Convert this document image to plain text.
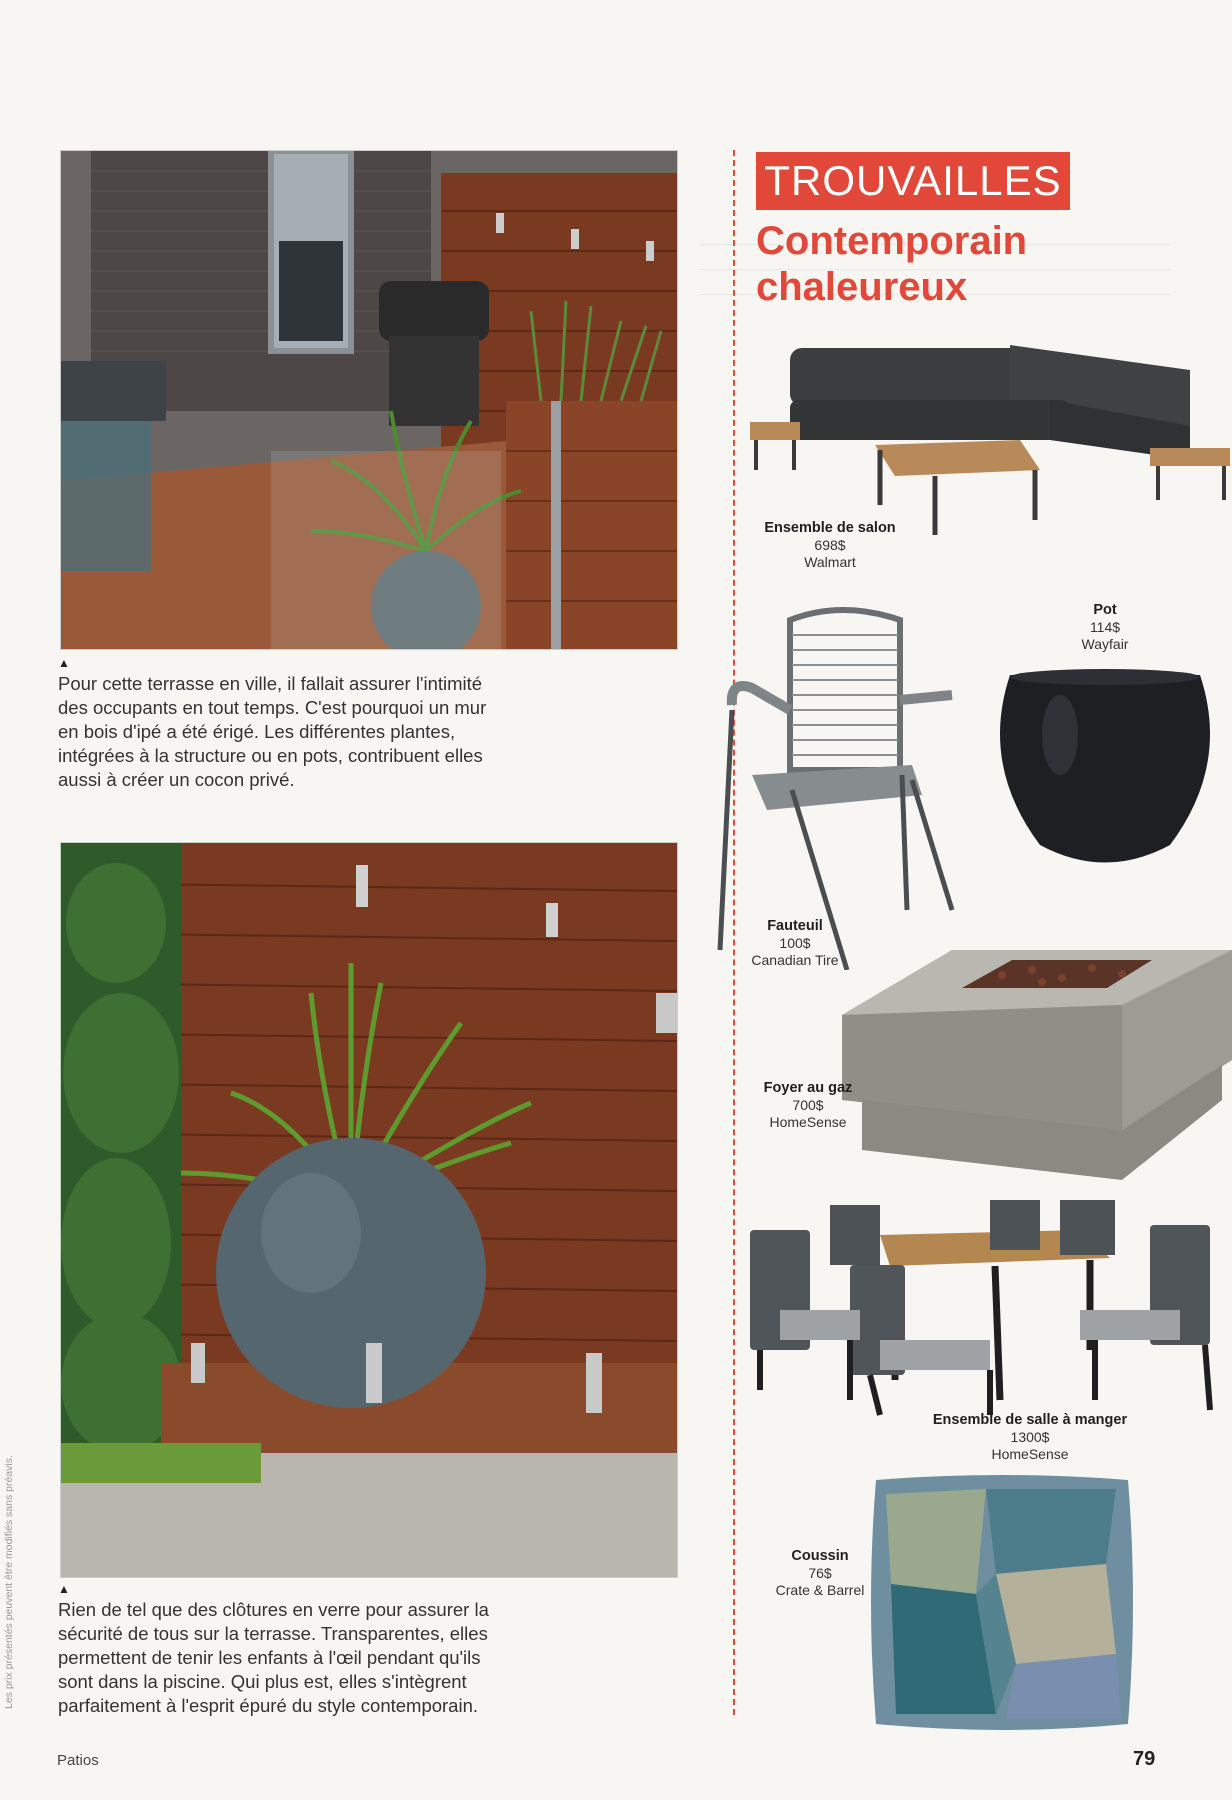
▲
Pour cette terrasse en ville, il fallait assurer l'intimité des occupants en tout temps. C'est pourquoi un mur en bois d'ipé a été érigé. Les différentes plantes, intégrées à la structure ou en pots, contribuent elles aussi à créer un cocon privé.
▲
Rien de tel que des clôtures en verre pour assurer la sécurité de tous sur la terrasse. Transparentes, elles permettent de tenir les enfants à l'œil pendant qu'ils sont dans la piscine. Qui plus est, elles s'intègrent parfaitement à l'esprit épuré du style contemporain.
TROUVAILLES
Contemporain
chaleureux
Ensemble de salon
698$
Walmart
Fauteuil
100$
Canadian Tire
Pot
114$
Wayfair
Foyer au gaz
700$
HomeSense
Ensemble de salle à manger
1300$
HomeSense
Coussin
76$
Crate & Barrel
Les prix présentés peuvent être modifiés sans préavis.
Patios	79
